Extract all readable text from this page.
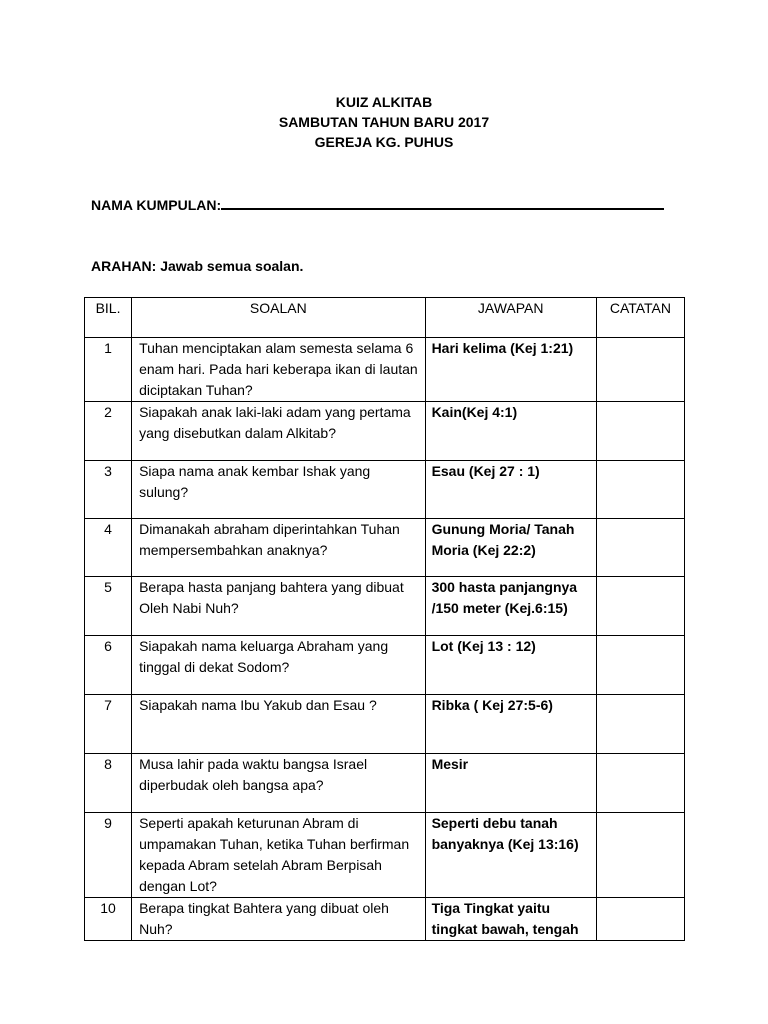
KUIZ ALKITAB
SAMBUTAN TAHUN BARU 2017
GEREJA KG. PUHUS
NAMA KUMPULAN:
ARAHAN: Jawab semua soalan.
BIL.	SOALAN	JAWAPAN	CATATAN
1	Tuhan menciptakan alam semesta selama 6 enam hari. Pada hari keberapa ikan di lautan diciptakan Tuhan?	Hari kelima (Kej 1:21)	
2	Siapakah anak laki-laki adam yang pertama yang disebutkan dalam Alkitab?	Kain(Kej 4:1)	
3	Siapa nama anak kembar Ishak yang sulung?	Esau (Kej 27 : 1)	
4	Dimanakah abraham diperintahkan Tuhan mempersembahkan anaknya?	Gunung Moria/ Tanah Moria (Kej 22:2)	
5	Berapa hasta panjang bahtera yang dibuat Oleh Nabi Nuh?	300 hasta panjangnya /150 meter (Kej.6:15)	
6	Siapakah nama keluarga Abraham yang tinggal di dekat Sodom?	Lot (Kej 13 : 12)	
7	Siapakah nama Ibu Yakub dan Esau ?	Ribka ( Kej 27:5-6)	
8	Musa lahir pada waktu bangsa Israel diperbudak oleh bangsa apa?	Mesir	
9	Seperti apakah keturunan Abram di umpamakan Tuhan, ketika Tuhan berfirman kepada Abram setelah Abram Berpisah dengan Lot?	Seperti debu tanah banyaknya (Kej 13:16)	
10	Berapa tingkat Bahtera yang dibuat oleh Nuh?	Tiga Tingkat yaitu tingkat bawah, tengah	
